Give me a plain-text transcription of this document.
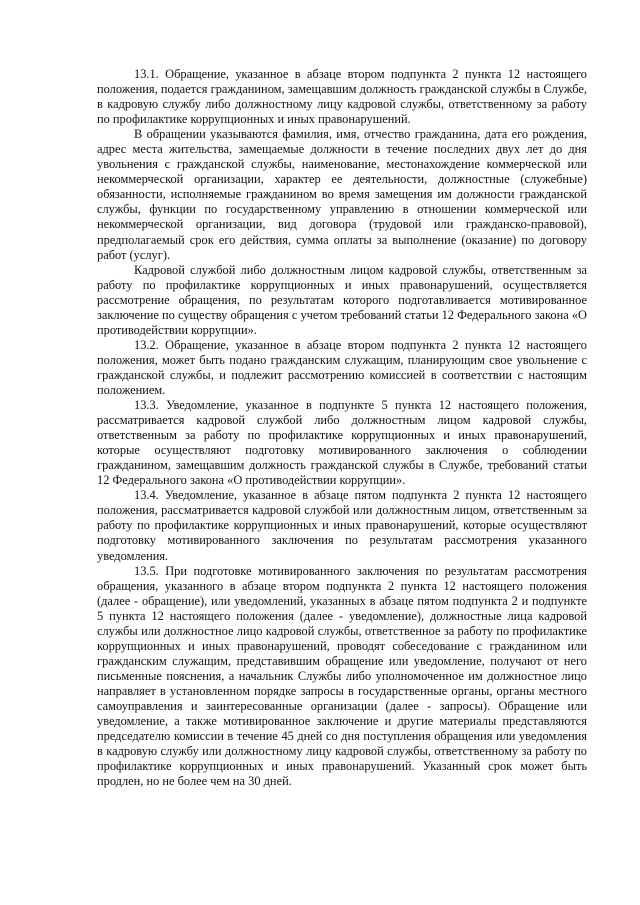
13.1. Обращение, указанное в абзаце втором подпункта 2 пункта 12 настоящего положения, подается гражданином, замещавшим должность гражданской службы в Службе, в кадровую службу либо должностному лицу кадровой службы, ответственному за работу по профилактике коррупционных и иных правонарушений.

В обращении указываются фамилия, имя, отчество гражданина, дата его рождения, адрес места жительства, замещаемые должности в течение последних двух лет до дня увольнения с гражданской службы, наименование, местонахождение коммерческой или некоммерческой организации, характер ее деятельности, должностные (служебные) обязанности, исполняемые гражданином во время замещения им должности гражданской службы, функции по государственному управлению в отношении коммерческой или некоммерческой организации, вид договора (трудовой или гражданско-правовой), предполагаемый срок его действия, сумма оплаты за выполнение (оказание) по договору работ (услуг).

Кадровой службой либо должностным лицом кадровой службы, ответственным за работу по профилактике коррупционных и иных правонарушений, осуществляется рассмотрение обращения, по результатам которого подготавливается мотивированное заключение по существу обращения с учетом требований статьи 12 Федерального закона «О противодействии коррупции».

13.2. Обращение, указанное в абзаце втором подпункта 2 пункта 12 настоящего положения, может быть подано гражданским служащим, планирующим свое увольнение с гражданской службы, и подлежит рассмотрению комиссией в соответствии с настоящим положением.

13.3. Уведомление, указанное в подпункте 5 пункта 12 настоящего положения, рассматривается кадровой службой либо должностным лицом кадровой службы, ответственным за работу по профилактике коррупционных и иных правонарушений, которые осуществляют подготовку мотивированного заключения о соблюдении гражданином, замещавшим должность гражданской службы в Службе, требований статьи 12 Федерального закона «О противодействии коррупции».

13.4. Уведомление, указанное в абзаце пятом подпункта 2 пункта 12 настоящего положения, рассматривается кадровой службой или должностным лицом, ответственным за работу по профилактике коррупционных и иных правонарушений, которые осуществляют подготовку мотивированного заключения по результатам рассмотрения указанного уведомления.

13.5. При подготовке мотивированного заключения по результатам рассмотрения обращения, указанного в абзаце втором подпункта 2 пункта 12 настоящего положения (далее - обращение), или уведомлений, указанных в абзаце пятом подпункта 2 и подпункте 5 пункта 12 настоящего положения (далее - уведомление), должностные лица кадровой службы или должностное лицо кадровой службы, ответственное за работу по профилактике коррупционных и иных правонарушений, проводят собеседование с гражданином или гражданским служащим, представившим обращение или уведомление, получают от него письменные пояснения, а начальник Службы либо уполномоченное им должностное лицо направляет в установленном порядке запросы в государственные органы, органы местного самоуправления и заинтересованные организации (далее - запросы). Обращение или уведомление, а также мотивированное заключение и другие материалы представляются председателю комиссии в течение 45 дней со дня поступления обращения или уведомления в кадровую службу или должностному лицу кадровой службы, ответственному за работу по профилактике коррупционных и иных правонарушений. Указанный срок может быть продлен, но не более чем на 30 дней.
